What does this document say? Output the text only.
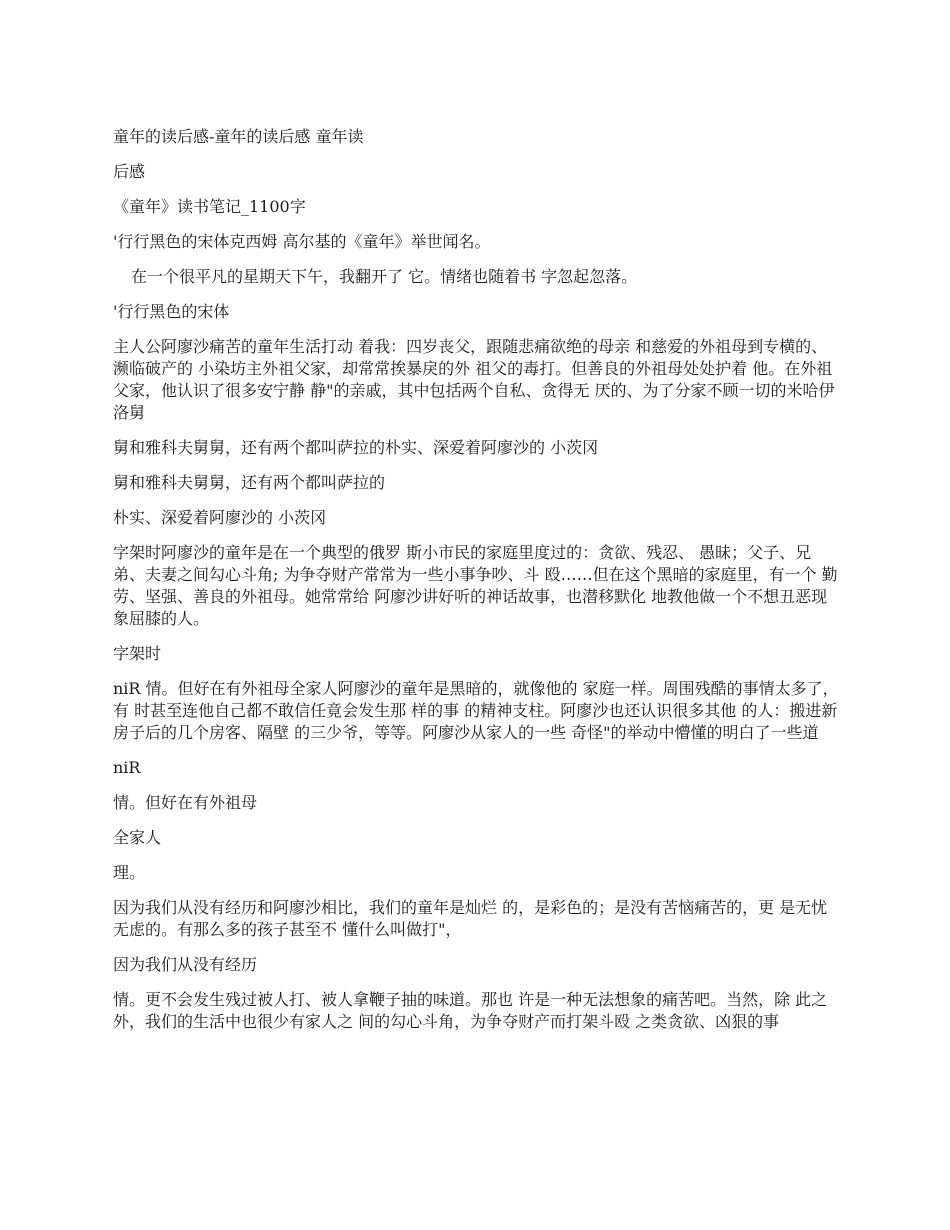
童年的读后感-童年的读后感 童年读

后感

《童年》读书笔记_1100字

'行行黑色的宋体克西姆 高尔基的《童年》举世闻名。

在一个很平凡的星期天下午，我翻开了 它。情绪也随着书 字忽起忽落。

'行行黑色的宋体

主人公阿廖沙痛苦的童年生活打动 着我：四岁丧父，跟随悲痛欲绝的母亲 和慈爱的外祖母到专横的、濒临破产的 小染坊主外祖父家，却常常挨暴戾的外 祖父的毒打。但善良的外祖母处处护着 他。在外祖父家，他认识了很多安宁静 静"的亲戚，其中包括两个自私、贪得无 厌的、为了分家不顾一切的米哈伊洛舅

舅和雅科夫舅舅，还有两个都叫萨拉的朴实、深爱着阿廖沙的 小茨冈

舅和雅科夫舅舅，还有两个都叫萨拉的

朴实、深爱着阿廖沙的 小茨冈

字架时阿廖沙的童年是在一个典型的俄罗 斯小市民的家庭里度过的：贪欲、残忍、 愚昧；父子、兄弟、夫妻之间勾心斗角; 为争夺财产常常为一些小事争吵、斗 殴……但在这个黑暗的家庭里，有一个 勤劳、坚强、善良的外祖母。她常常给 阿廖沙讲好听的神话故事，也潜移默化 地教他做一个不想丑恶现象屈膝的人。

字架时

niR 情。但好在有外祖母全家人阿廖沙的童年是黑暗的，就像他的 家庭一样。周围残酷的事情太多了，有 时甚至连他自己都不敢信任竟会发生那 样的事 的精神支柱。阿廖沙也还认识很多其他 的人：搬进新房子后的几个房客、隔壁 的三少爷，等等。阿廖沙从家人的一些 奇怪"的举动中懵懂的明白了一些道

niR

情。但好在有外祖母

全家人

理。

因为我们从没有经历和阿廖沙相比，我们的童年是灿烂 的，是彩色的；是没有苦恼痛苦的，更 是无忧无虑的。有那么多的孩子甚至不 懂什么叫做打"，

因为我们从没有经历

情。更不会发生残过被人打、被人拿鞭子抽的味道。那也 许是一种无法想象的痛苦吧。当然，除 此之外，我们的生活中也很少有家人之 间的勾心斗角，为争夺财产而打架斗殴 之类贪欲、凶狠的事
